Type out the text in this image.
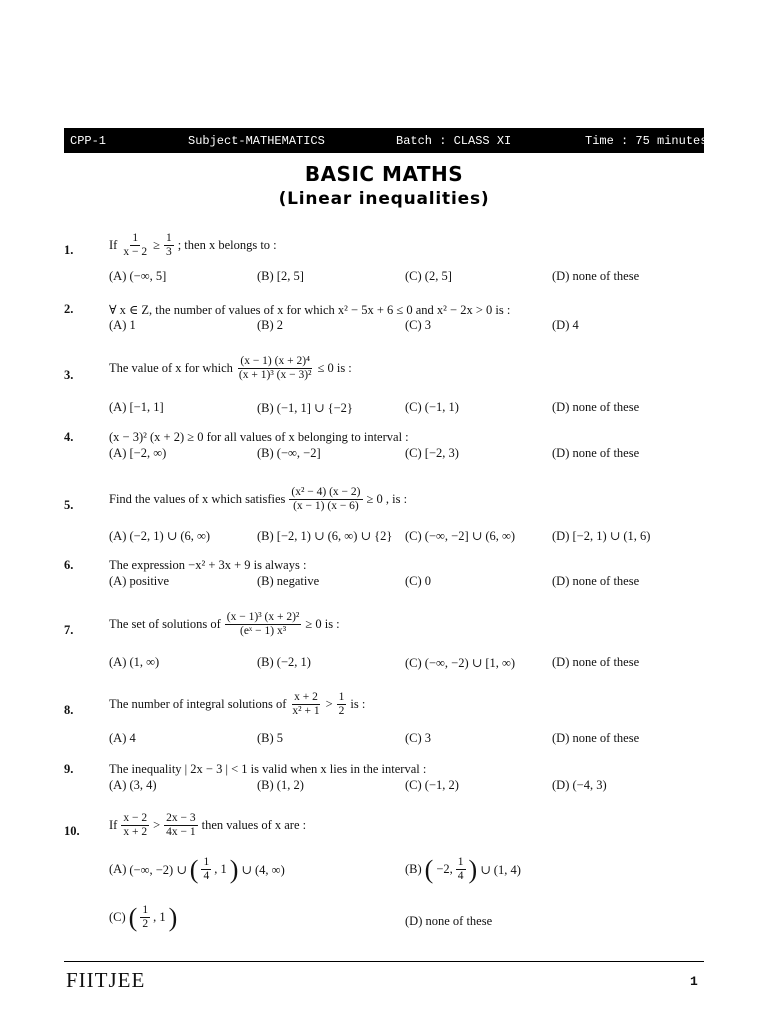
CPP-1	Subject-MATHEMATICS	Batch : CLASS XI	Time : 75 minutes
BASIC MATHS
(Linear inequalities)
1.	If $\frac{1}{x - 2} \ge \frac{1}{3}$ ; then x belongs to :
(A) (−∞, 5]	(B) [2, 5]	(C) (2, 5]	(D) none of these
2.	∀ x ∈ Z, the number of values of x for which x² − 5x + 6 ≤ 0 and x² − 2x > 0 is :
(A) 1	(B) 2	(C) 3	(D) 4
3.	The value of x for which $\frac{\text{(x − 1) (x + 2)⁴}}{\text{(x + 1)³ (x − 3)²}} \le 0$ is :
(A) [−1, 1]	(B) (−1, 1] ∪ {−2}	(C) (−1, 1)	(D) none of these
4.	(x − 3)² (x + 2) ≥ 0 for all values of x belonging to interval :
(A) [−2, ∞)	(B) (−∞, −2]	(C) [−2, 3)	(D) none of these
5.	Find the values of x which satisfies $\frac{\text{(x² − 4) (x − 2)}}{(x - 1) (x - 6)} \ge 0$ , is :
(A) (−2, 1) ∪ (6, ∞)	(B) [−2, 1) ∪ (6, ∞) ∪ {2} (C) (−∞, −2] ∪ (6, ∞)	(D) [−2, 1) ∪ (1, 6)
6.	The expression −x² + 3x + 9 is always :
(A) positive	(B) negative	(C) 0	(D) none of these
7.	The set of solutions of $\frac{\text{(x − 1)³ (x + 2)²}}{\text{(eˣ − 1) x³}} \ge 0$ is :
(A) (1, ∞)	(B) (−2, 1)	(C) (−∞, −2) ∪ [1, ∞)	(D) none of these
8.	The number of integral solutions of $\frac{x + 2}{\text{x² + 1}} > \frac{1}{2}$ is :
(A) 4	(B) 5	(C) 3	(D) none of these
9.	The inequality | 2x − 3 | < 1 is valid when x lies in the interval :
(A) (3, 4)	(B) (1, 2)	(C) (−1, 2)	(D) (−4, 3)
10. If $\frac{x - 2}{x + 2} > \frac{2x - 3}{4x - 1}$ then values of x are :
(A) (−∞, −2) ∪ ( $\frac{1}{4}$ , 1 ) ∪ (4, ∞)	(B) ( −2, $\frac{1}{4}$ ) ∪ (1, 4)
(C) ( $\frac{1}{2}$ , 1 )	(D) none of these
FIITJEE	1
